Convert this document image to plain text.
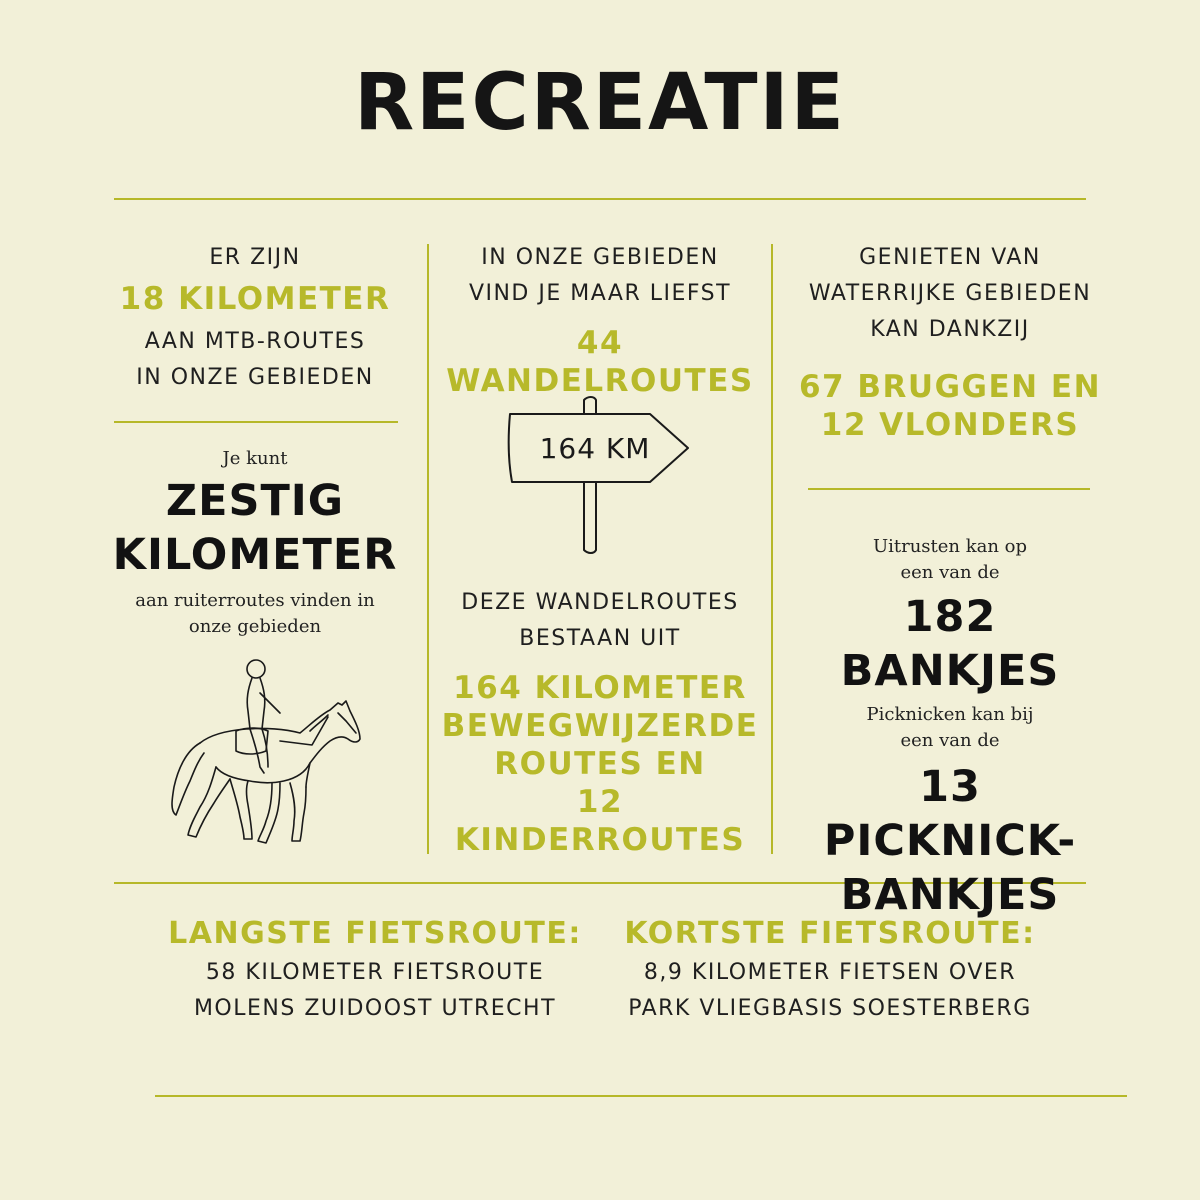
RECREATIE
ER ZIJN
18 KILOMETER
AAN MTB-ROUTES
IN ONZE GEBIEDEN
Je kunt
ZESTIG
KILOMETER
aan ruiterroutes vinden in
onze gebieden
IN ONZE GEBIEDEN
VIND JE MAAR LIEFST
44 WANDELROUTES
164 KM
DEZE WANDELROUTES
BESTAAN UIT
164 KILOMETER
BEWEGWIJZERDE
ROUTES EN
12 KINDERROUTES
GENIETEN VAN
WATERRIJKE GEBIEDEN
KAN DANKZIJ
67 BRUGGEN EN
12 VLONDERS
Uitrusten kan op
een van de
182 BANKJES
Picknicken kan bij
een van de
13 PICKNICK-
BANKJES
LANGSTE FIETSROUTE:
58 KILOMETER FIETSROUTE
MOLENS ZUIDOOST UTRECHT
KORTSTE FIETSROUTE:
8,9 KILOMETER FIETSEN OVER
PARK VLIEGBASIS SOESTERBERG
